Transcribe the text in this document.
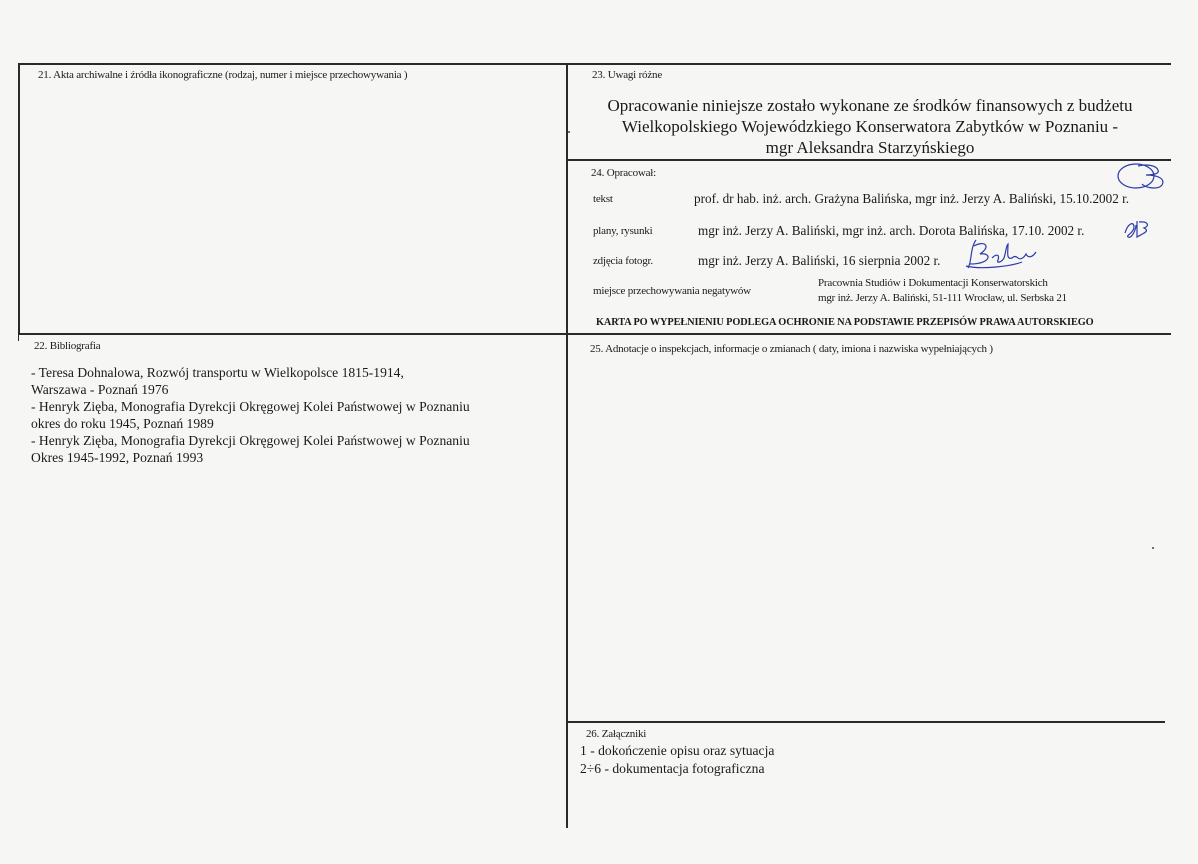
21. Akta archiwalne i źródła ikonograficzne (rodzaj, numer i miejsce przechowywania )
22. Bibliografia
- Teresa Dohnalowa, Rozwój transportu w Wielkopolsce 1815-1914,
Warszawa - Poznań 1976
- Henryk Zięba, Monografia Dyrekcji Okręgowej Kolei Państwowej w Poznaniu
okres do roku 1945, Poznań 1989
- Henryk Zięba, Monografia Dyrekcji Okręgowej Kolei Państwowej w Poznaniu
Okres 1945-1992, Poznań 1993
23. Uwagi różne
Opracowanie niniejsze zostało wykonane ze środków finansowych z budżetu
Wielkopolskiego Wojewódzkiego Konserwatora Zabytków w Poznaniu -
mgr Aleksandra Starzyńskiego
24. Opracował:
tekst	prof. dr hab. inż. arch. Grażyna Balińska, mgr inż. Jerzy A. Baliński, 15.10.2002 r.
plany, rysunki	mgr inż. Jerzy A. Baliński, mgr inż. arch. Dorota Balińska, 17.10. 2002 r.
zdjęcia fotogr.	mgr inż. Jerzy A. Baliński, 16 sierpnia 2002 r.
miejsce przechowywania negatywów
Pracownia Studiów i Dokumentacji Konserwatorskich
mgr inż. Jerzy A. Baliński, 51-111 Wrocław, ul. Serbska 21
KARTA PO WYPEŁNIENIU PODLEGA OCHRONIE NA PODSTAWIE PRZEPISÓW PRAWA AUTORSKIEGO
25. Adnotacje o inspekcjach, informacje o zmianach ( daty, imiona i nazwiska wypełniających )
26. Załączniki
1 - dokończenie opisu oraz sytuacja
2÷6 - dokumentacja fotograficzna
